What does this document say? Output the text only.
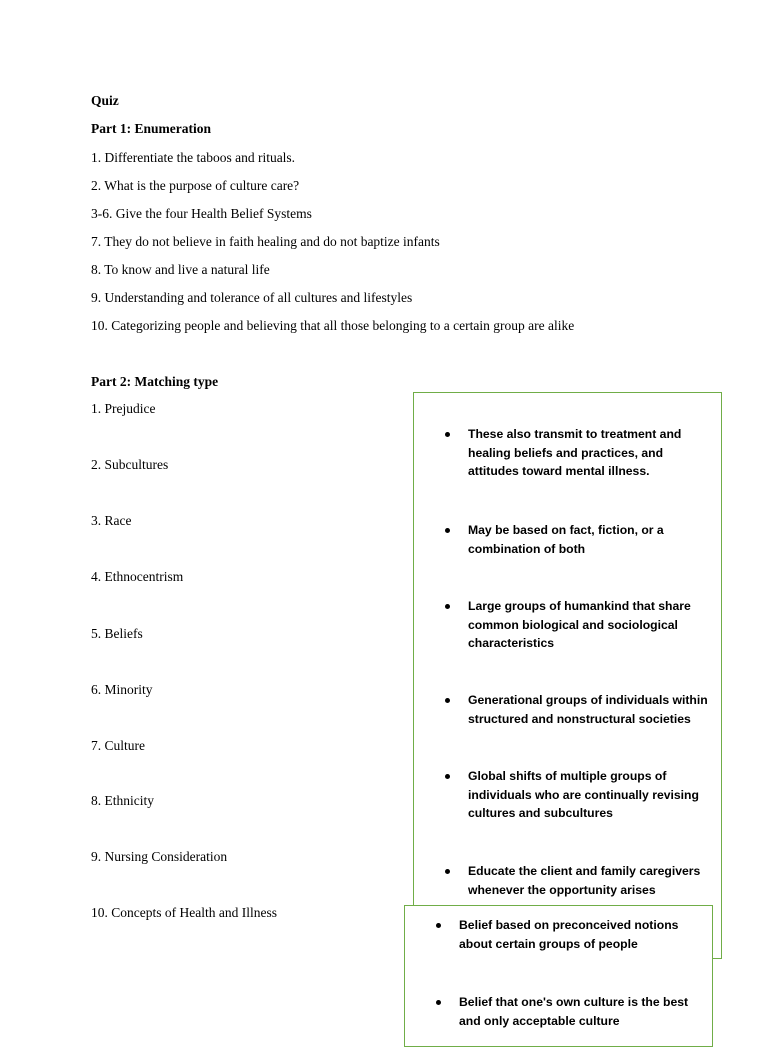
Quiz
Part 1: Enumeration
1. Differentiate the taboos and rituals.
2. What is the purpose of culture care?
3-6. Give the four Health Belief Systems
7. They do not believe in faith healing and do not baptize infants
8. To know and live a natural life
9. Understanding and tolerance of all cultures and lifestyles
10. Categorizing people and believing that all those belonging to a certain group are alike
Part 2: Matching type
1. Prejudice
2. Subcultures
3. Race
4. Ethnocentrism
5. Beliefs
6. Minority
7. Culture
8. Ethnicity
9. Nursing Consideration
10. Concepts of Health and Illness
These also transmit to treatment and healing beliefs and practices, and attitudes toward mental illness.
May be based on fact, fiction, or a combination of both
Large groups of humankind that share common biological and sociological characteristics
Generational groups of individuals within structured and nonstructural societies
Global shifts of multiple groups of individuals who are continually revising cultures and subcultures
Educate the client and family caregivers whenever the opportunity arises
Belief based on preconceived notions about certain groups of people
Belief that one's own culture is the best and only acceptable culture
